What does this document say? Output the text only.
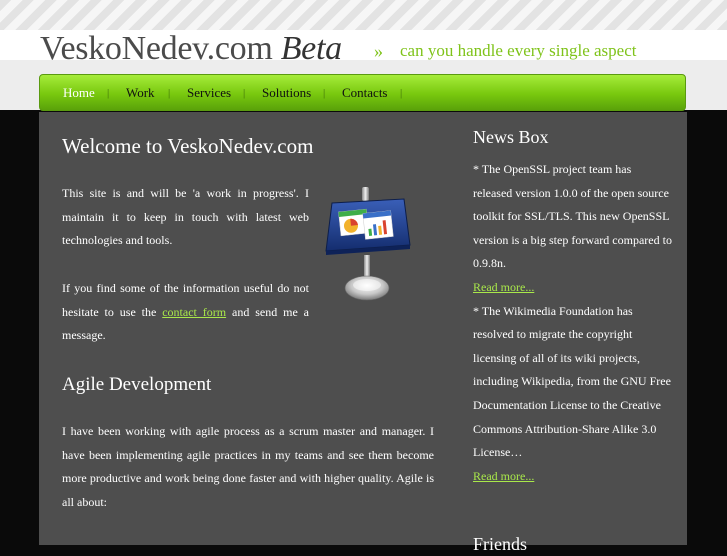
VeskoNedev.com Beta » can you handle every single aspect
Home | Work | Services | Solutions | Contacts |
Welcome to VeskoNedev.com
This site is and will be 'a work in progress'. I maintain it to keep in touch with latest web technologies and tools.
If you find some of the information useful do not hesitate to use the contact form and send me a message.
Agile Development
I have been working with agile process as a scrum master and manager. I have been implementing agile practices in my teams and see them become more productive and work being done faster and with higher quality. Agile is all about:
News Box

* The OpenSSL project team has released version 1.0.0 of the open source toolkit for SSL/TLS. This new OpenSSL version is a big step forward compared to 0.9.8n.

Read more...

* The Wikimedia Foundation has resolved to migrate the copyright licensing of all of its wiki projects, including Wikipedia, from the GNU Free Documentation License to the Creative Commons Attribution-Share Alike 3.0 License…

Read more...

Friends
